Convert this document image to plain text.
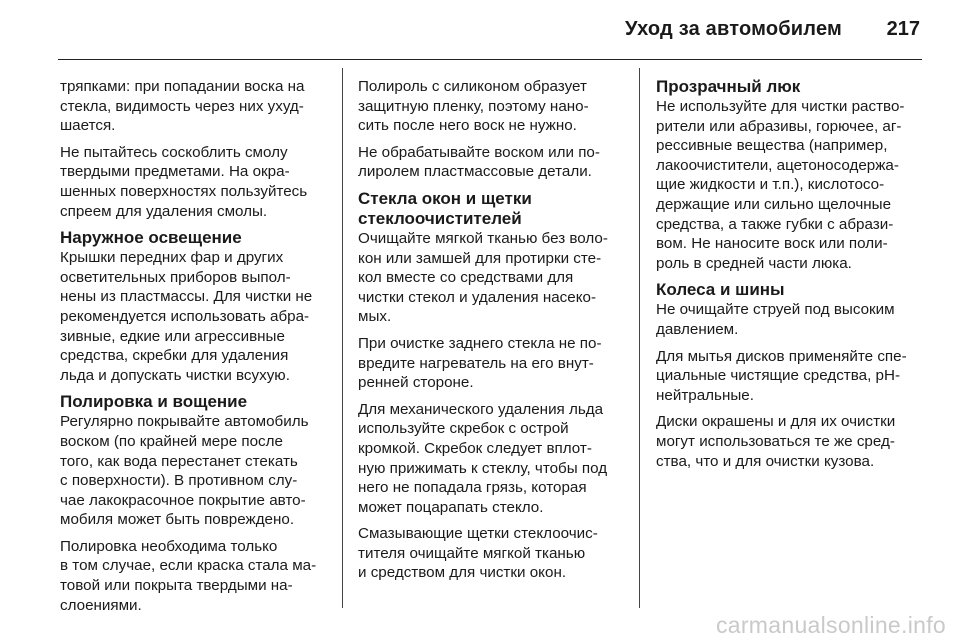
Уход за автомобилем 217
тряпками: при попадании воска на
стекла, видимость через них ухуд-
шается.
Не пытайтесь соскоблить смолу
твердыми предметами. На окра-
шенных поверхностях пользуйтесь
спреем для удаления смолы.
Наружное освещение
Крышки передних фар и других
осветительных приборов выпол-
нены из пластмассы. Для чистки не
рекомендуется использовать абра-
зивные, едкие или агрессивные
средства, скребки для удаления
льда и допускать чистки всухую.
Полировка и вощение
Регулярно покрывайте автомобиль
воском (по крайней мере после
того, как вода перестанет стекать
с поверхности). В противном слу-
чае лакокрасочное покрытие авто-
мобиля может быть повреждено.
Полировка необходима только
в том случае, если краска стала ма-
товой или покрыта твердыми на-
слоениями.
Полироль с силиконом образует
защитную пленку, поэтому нано-
сить после него воск не нужно.
Не обрабатывайте воском или по-
лиролем пластмассовые детали.
Стекла окон и щетки
стеклоочистителей
Очищайте мягкой тканью без воло-
кон или замшей для протирки сте-
кол вместе со средствами для
чистки стекол и удаления насеко-
мых.
При очистке заднего стекла не по-
вредите нагреватель на его внут-
ренней стороне.
Для механического удаления льда
используйте скребок с острой
кромкой. Скребок следует вплот-
ную прижимать к стеклу, чтобы под
него не попадала грязь, которая
может поцарапать стекло.
Смазывающие щетки стеклоочис-
тителя очищайте мягкой тканью
и средством для чистки окон.
Прозрачный люк
Не используйте для чистки раство-
рители или абразивы, горючее, аг-
рессивные вещества (например,
лакоочистители, ацетоносодержа-
щие жидкости и т.п.), кислотосо-
держащие или сильно щелочные
средства, а также губки с абрази-
вом. Не наносите воск или поли-
роль в средней части люка.
Колеса и шины
Не очищайте струей под высоким
давлением.
Для мытья дисков применяйте спе-
циальные чистящие средства, pH-
нейтральные.
Диски окрашены и для их очистки
могут использоваться те же сред-
ства, что и для очистки кузова.
carmanualsonline.info
